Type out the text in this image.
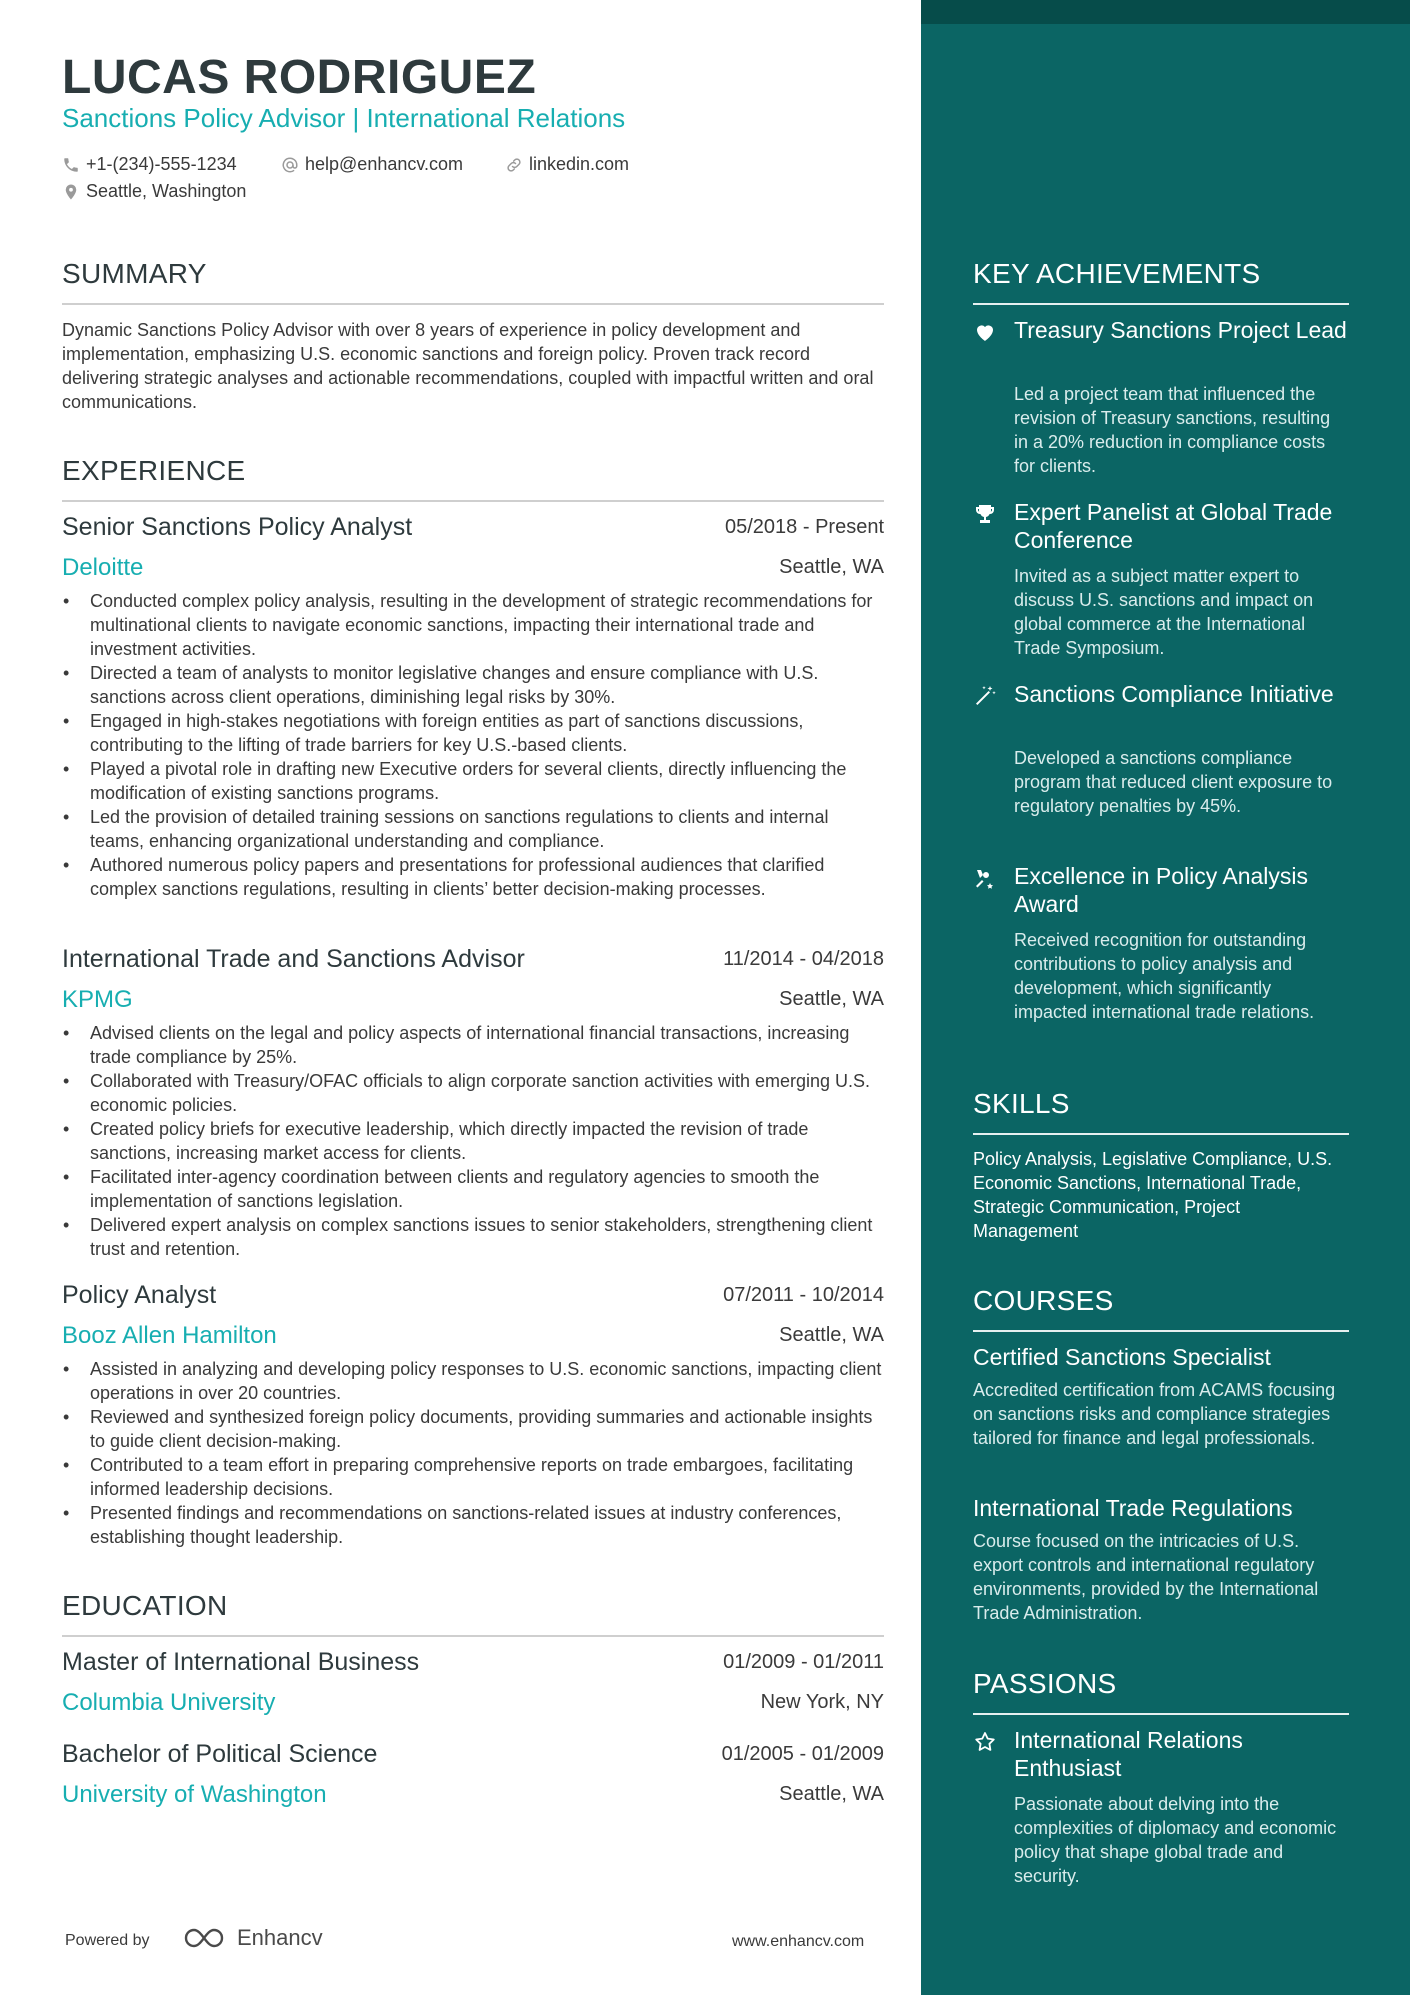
LUCAS RODRIGUEZ
Sanctions Policy Advisor | International Relations
+1-(234)-555-1234	help@enhancv.com	linkedin.com
Seattle, Washington
SUMMARY
Dynamic Sanctions Policy Advisor with over 8 years of experience in policy development and implementation, emphasizing U.S. economic sanctions and foreign policy. Proven track record delivering strategic analyses and actionable recommendations, coupled with impactful written and oral communications.
EXPERIENCE
Senior Sanctions Policy Analyst	05/2018 - Present
Deloitte	Seattle, WA
• Conducted complex policy analysis, resulting in the development of strategic recommendations for multinational clients to navigate economic sanctions, impacting their international trade and investment activities.
• Directed a team of analysts to monitor legislative changes and ensure compliance with U.S. sanctions across client operations, diminishing legal risks by 30%.
• Engaged in high-stakes negotiations with foreign entities as part of sanctions discussions, contributing to the lifting of trade barriers for key U.S.-based clients.
• Played a pivotal role in drafting new Executive orders for several clients, directly influencing the modification of existing sanctions programs.
• Led the provision of detailed training sessions on sanctions regulations to clients and internal teams, enhancing organizational understanding and compliance.
• Authored numerous policy papers and presentations for professional audiences that clarified complex sanctions regulations, resulting in clients’ better decision-making processes.
International Trade and Sanctions Advisor	11/2014 - 04/2018
KPMG	Seattle, WA
• Advised clients on the legal and policy aspects of international financial transactions, increasing trade compliance by 25%.
• Collaborated with Treasury/OFAC officials to align corporate sanction activities with emerging U.S. economic policies.
• Created policy briefs for executive leadership, which directly impacted the revision of trade sanctions, increasing market access for clients.
• Facilitated inter-agency coordination between clients and regulatory agencies to smooth the implementation of sanctions legislation.
• Delivered expert analysis on complex sanctions issues to senior stakeholders, strengthening client trust and retention.
Policy Analyst	07/2011 - 10/2014
Booz Allen Hamilton	Seattle, WA
• Assisted in analyzing and developing policy responses to U.S. economic sanctions, impacting client operations in over 20 countries.
• Reviewed and synthesized foreign policy documents, providing summaries and actionable insights to guide client decision-making.
• Contributed to a team effort in preparing comprehensive reports on trade embargoes, facilitating informed leadership decisions.
• Presented findings and recommendations on sanctions-related issues at industry conferences, establishing thought leadership.
EDUCATION
Master of International Business	01/2009 - 01/2011
Columbia University	New York, NY
Bachelor of Political Science	01/2005 - 01/2009
University of Washington	Seattle, WA
Powered by	Enhancv	www.enhancv.com
KEY ACHIEVEMENTS
Treasury Sanctions Project Lead
Led a project team that influenced the revision of Treasury sanctions, resulting in a 20% reduction in compliance costs for clients.
Expert Panelist at Global Trade Conference
Invited as a subject matter expert to discuss U.S. sanctions and impact on global commerce at the International Trade Symposium.
Sanctions Compliance Initiative
Developed a sanctions compliance program that reduced client exposure to regulatory penalties by 45%.
Excellence in Policy Analysis Award
Received recognition for outstanding contributions to policy analysis and development, which significantly impacted international trade relations.
SKILLS
Policy Analysis, Legislative Compliance, U.S. Economic Sanctions, International Trade, Strategic Communication, Project Management
COURSES
Certified Sanctions Specialist
Accredited certification from ACAMS focusing on sanctions risks and compliance strategies tailored for finance and legal professionals.
International Trade Regulations
Course focused on the intricacies of U.S. export controls and international regulatory environments, provided by the International Trade Administration.
PASSIONS
International Relations Enthusiast
Passionate about delving into the complexities of diplomacy and economic policy that shape global trade and security.
